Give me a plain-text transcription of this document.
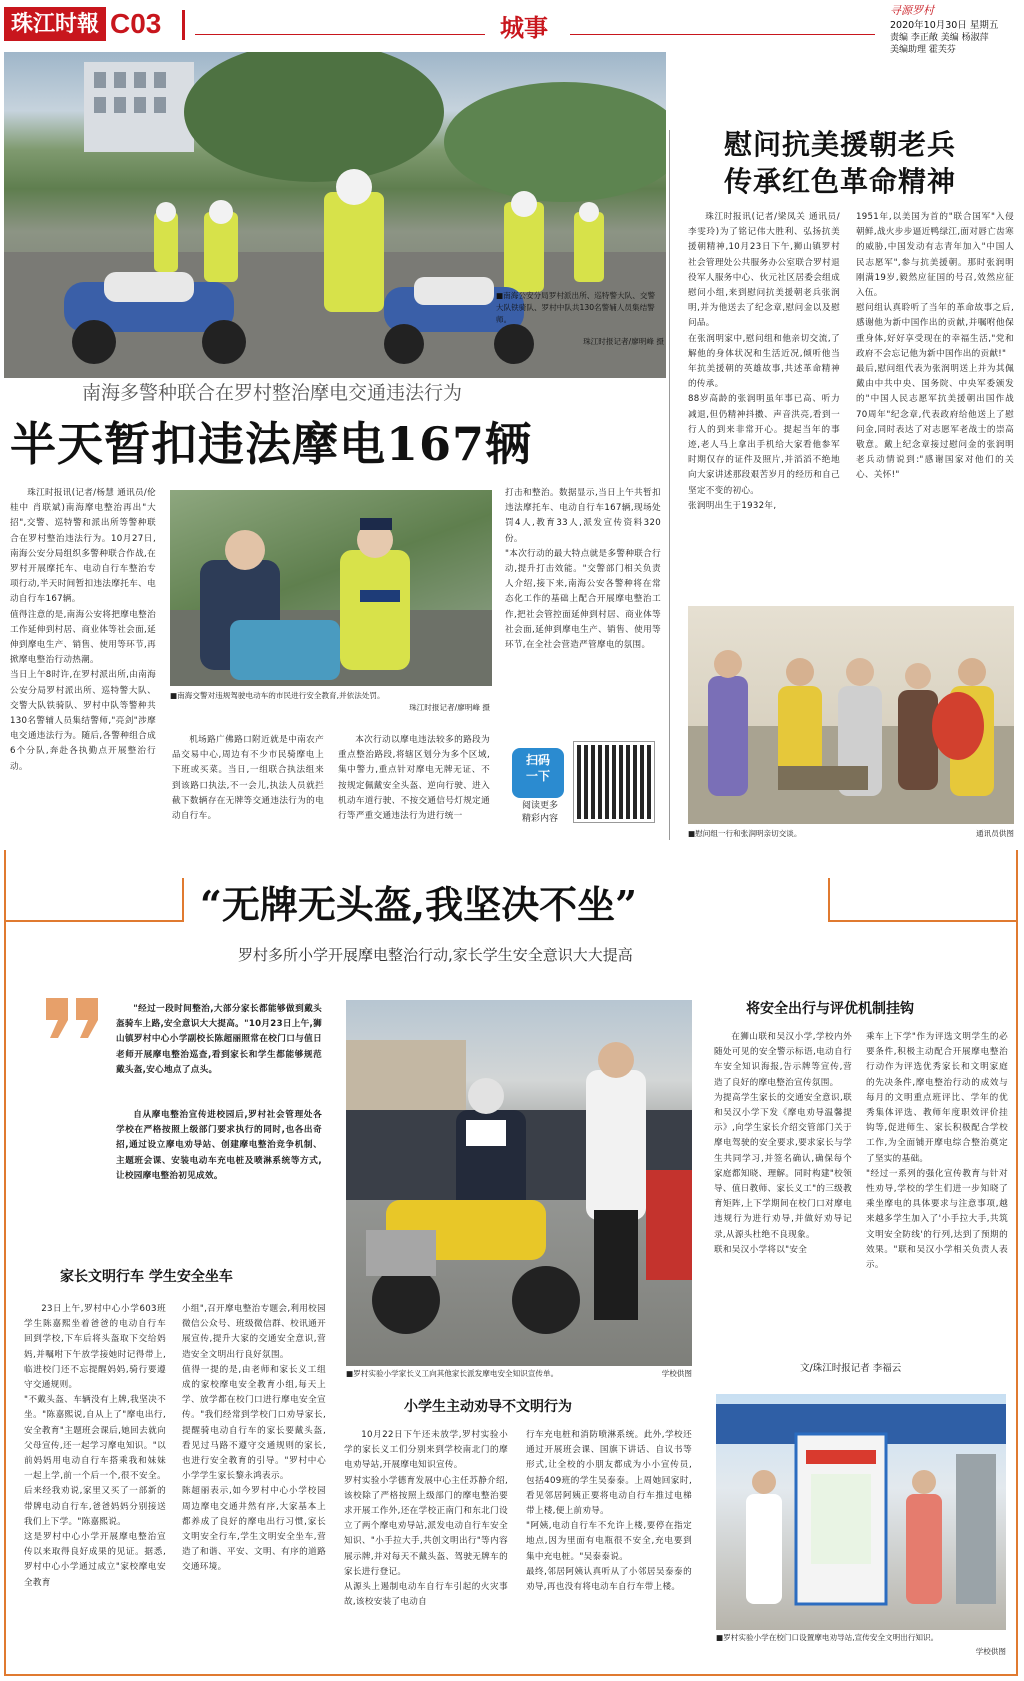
珠江时報 C03	城事
寻源罗村
2020年10月30日 星期五
责编 李正敞 美编 杨淑萍
美编助理 霍芙芬
■南海公安分局罗村派出所、巡特警大队、交警大队铁骑队、罗村中队共130名警辅人员集结警师。
珠江时报记者/廖明峰 摄
南海多警种联合在罗村整治摩电交通违法行为
半天暂扣违法摩电167辆
珠江时报讯(记者/杨慧 通讯员/伦桂中 肖联斌)南海摩电整治再出"大招",交警、巡特警和派出所等警种联合在罗村整治违法行为。10月27日,南海公安分局组织多警种联合作战,在罗村开展摩托车、电动自行车整治专项行动,半天时间暂扣违法摩托车、电动自行车167辆。
值得注意的是,南海公安将把摩电整治工作延伸到村居、商业体等社会面,延伸到摩电生产、销售、使用等环节,再掀摩电整治行动热潮。
当日上午8时许,在罗村派出所,由南海公安分局罗村派出所、巡特警大队、交警大队铁骑队、罗村中队等警种共130名警辅人员集结警师,"亮剑"涉摩电交通违法行为。随后,各警种组合成6个分队,奔赴各执勤点开展整治行动。
■南海交警对违规驾驶电动车的市民进行安全教育,并依法处罚。
珠江时报记者/廖明峰 摄
机场路广佛路口附近就是中南农产品交易中心,周边有不少市民骑摩电上下班或买菜。当日,一组联合执法组来到该路口执法,不一会儿,执法人员就拦截下数辆存在无牌等交通违法行为的电动自行车。
本次行动以摩电违法较多的路段为重点整治路段,将辖区划分为多个区域,集中警力,重点针对摩电无牌无证、不按规定佩戴安全头盔、逆向行驶、进入机动车道行驶、不按交通信号灯规定通行等严重交通违法行为进行统一
打击和整治。数据显示,当日上午共暂扣违法摩托车、电动自行车167辆,现场处罚4人,教育33人,派发宣传资料320份。
"本次行动的最大特点就是多警种联合行动,提升打击效能。"交警部门相关负责人介绍,接下来,南海公安各警种将在常态化工作的基础上配合开展摩电整治工作,把社会管控面延伸到村居、商业体等社会面,延伸到摩电生产、销售、使用等环节,在全社会营造严管摩电的氛围。
扫码
一下
阅读更多
精彩内容
慰问抗美援朝老兵
传承红色革命精神
珠江时报讯(记者/梁凤关 通讯员/李雯玲)为了铭记伟大胜利、弘扬抗美援朝精神,10月23日下午,狮山镇罗村社会管理处公共服务办公室联合罗村退役军人服务中心、伙元社区居委会组成慰问小组,来到慰问抗美援朝老兵张润明,并为他送去了纪念章,慰问金以及慰问品。
在张润明家中,慰问组和他亲切交流,了解他的身体状况和生活近况,倾听他当年抗美援朝的英雄故事,共述革命精神的传承。
88岁高龄的张润明虽年事已高、听力减退,但仍精神抖擞、声音洪亮,看到一行人的到来非常开心。提起当年的事迹,老人马上拿出手机给大家看他参军时期仅存的证件及照片,并滔滔不绝地向大家讲述那段艰苦岁月的经历和自己坚定不变的初心。
张润明出生于1932年,
1951年,以美国为首的"联合国军"入侵朝鲜,战火步步逼近鸭绿江,面对唇亡齿寒的威胁,中国发动有志青年加入"中国人民志愿军",参与抗美援朝。那时张润明刚满19岁,毅然应征国的号召,效然应征入伍。
慰问组认真聆听了当年的革命故事之后,感谢他为新中国作出的贡献,并嘱咐他保重身体,好好享受现在的幸福生活,"党和政府不会忘记他为新中国作出的贡献!"
最后,慰问组代表为张润明送上并为其佩戴由中共中央、国务院、中央军委颁发的"中国人民志愿军抗美援朝出国作战70周年"纪念章,代表政府给他送上了慰问金,同时表达了对志愿军老战士的崇高敬意。戴上纪念章接过慰问金的张润明老兵动情说到:"感谢国家对他们的关心、关怀!"
■慰问组一行和张润明亲切交谈。	通讯员供图
“无牌无头盔,我坚决不坐”
罗村多所小学开展摩电整治行动,家长学生安全意识大大提高
"经过一段时间整治,大部分家长都能够做到戴头盔骑车上路,安全意识大大提高。"10月23日上午,狮山镇罗村中心小学副校长陈超丽照常在校门口与值日老师开展摩电整治巡查,看到家长和学生都能够规范戴头盔,安心地点了点头。
自从摩电整治宣传进校园后,罗村社会管理处各学校在严格按照上级部门要求执行的同时,也各出奇招,通过设立摩电劝导站、创建摩电整治竞争机制、主题班会课、安装电动车充电桩及喷淋系统等方式,让校园摩电整治初见成效。
家长文明行车 学生安全坐车
23日上午,罗村中心小学603班学生陈嘉熙坐着爸爸的电动自行车回到学校,下车后将头盔取下交给妈妈,并嘱咐下午放学接她时记得带上,临进校门还不忘提醒妈妈,骑行要遵守交通规则。
"不戴头盔、车辆没有上牌,我坚决不坐。"陈嘉熙说,自从上了"摩电出行,安全教育"主题班会课后,她回去就向父母宣传,还一起学习摩电知识。"以前妈妈用电动自行车搭乘我和妹妹一起上学,前一个后一个,很不安全。后来经我劝说,家里又买了一部新的带牌电动自行车,爸爸妈妈分别接送我们上下学。"陈嘉熙说。
这是罗村中心小学开展摩电整治宣传以来取得良好成果的见证。据悉,罗村中心小学通过成立"家校摩电安全教育
小组",召开摩电整治专题会,利用校园微信公众号、班级微信群、校讯通开展宣传,提升大家的交通安全意识,营造安全文明出行良好氛围。
值得一提的是,由老师和家长义工组成的家校摩电安全教育小组,每天上学、放学都在校门口进行摩电安全宣传。"我们经常到学校门口劝导家长,提醒骑电动自行车的家长要戴头盔,看见过马路不遵守交通规则的家长,也进行安全教育的引导。"罗村中心小学学生家长黎永鸿表示。
陈超丽表示,如今罗村中心小学校园周边摩电交通井然有序,大家基本上都养成了良好的摩电出行习惯,家长文明安全行车,学生文明安全坐车,营造了和谐、平安、文明、有序的道路交通环境。
■罗村实验小学家长义工向其他家长派发摩电安全知识宣传单。	学校供图
小学生主动劝导不文明行为
10月22日下午还未放学,罗村实验小学的家长义工们分别来到学校南北门的摩电劝导站,开展摩电知识宣传。
罗村实验小学德育发展中心主任苏静介绍,该校除了严格按照上级部门的摩电整治要求开展工作外,还在学校正南门和东北门设立了两个摩电劝导站,派发电动自行车安全知识、"小手拉大手,共创文明出行"等内容展示牌,并对每天不戴头盔、驾驶无牌车的家长进行登记。
从源头上遏制电动车自行车引起的火灾事故,该校安装了电动自
行车充电桩和消防喷淋系统。此外,学校还通过开展班会课、国旗下讲话、自议书等形式,让全校的小朋友都成为小小宣传员,包括409班的学生吴泰泰。上周她回家时,看见邻居阿姨正要将电动自行车推过电梯带上楼,便上前劝导。
"阿姨,电动自行车不允许上楼,要停在指定地点,因为里面有电瓶很不安全,充电要到集中充电桩。"吴泰泰说。
最终,邻居阿姨认真听从了小邻居吴泰泰的劝导,再也没有将电动车自行车带上楼。
将安全出行与评优机制挂钩
在狮山联和吴汉小学,学校内外随处可见的安全警示标语,电动自行车安全知识海报,告示牌等宣传,营造了良好的摩电整治宣传氛围。
为提高学生家长的交通安全意识,联和吴汉小学下发《摩电劝导温馨提示》,向学生家长介绍交管部门关于摩电驾驶的安全要求,要求家长与学生共同学习,并签名确认,确保每个家庭都知晓、理解。同时构建"校领导、值日教师、家长义工"的三级教育矩阵,上下学期间在校门口对摩电违规行为进行劝导,并做好劝导记录,从源头杜绝不良现象。
联和吴汉小学将以"安全
乘车上下学"作为评选文明学生的必要条件,积极主动配合开展摩电整治行动作为评选优秀家长和文明家庭的先决条件,摩电整治行动的成效与每月的文明重点班评比、学年的优秀集体评选、教师年度职效评价挂钩等,促进师生、家长积极配合学校工作,为全面铺开摩电综合整治奠定了坚实的基础。
"经过一系列的强化宣传教育与针对性劝导,学校的学生们进一步知晓了乘坐摩电的具体要求与注意事项,越来越多学生加入了'小手拉大手,共筑文明安全防线'的行列,达到了预期的效果。"联和吴汉小学相关负责人表示。
文/珠江时报记者 李福云
■罗村实验小学在校门口设置摩电劝导站,宣传安全文明出行知识。
学校供图
